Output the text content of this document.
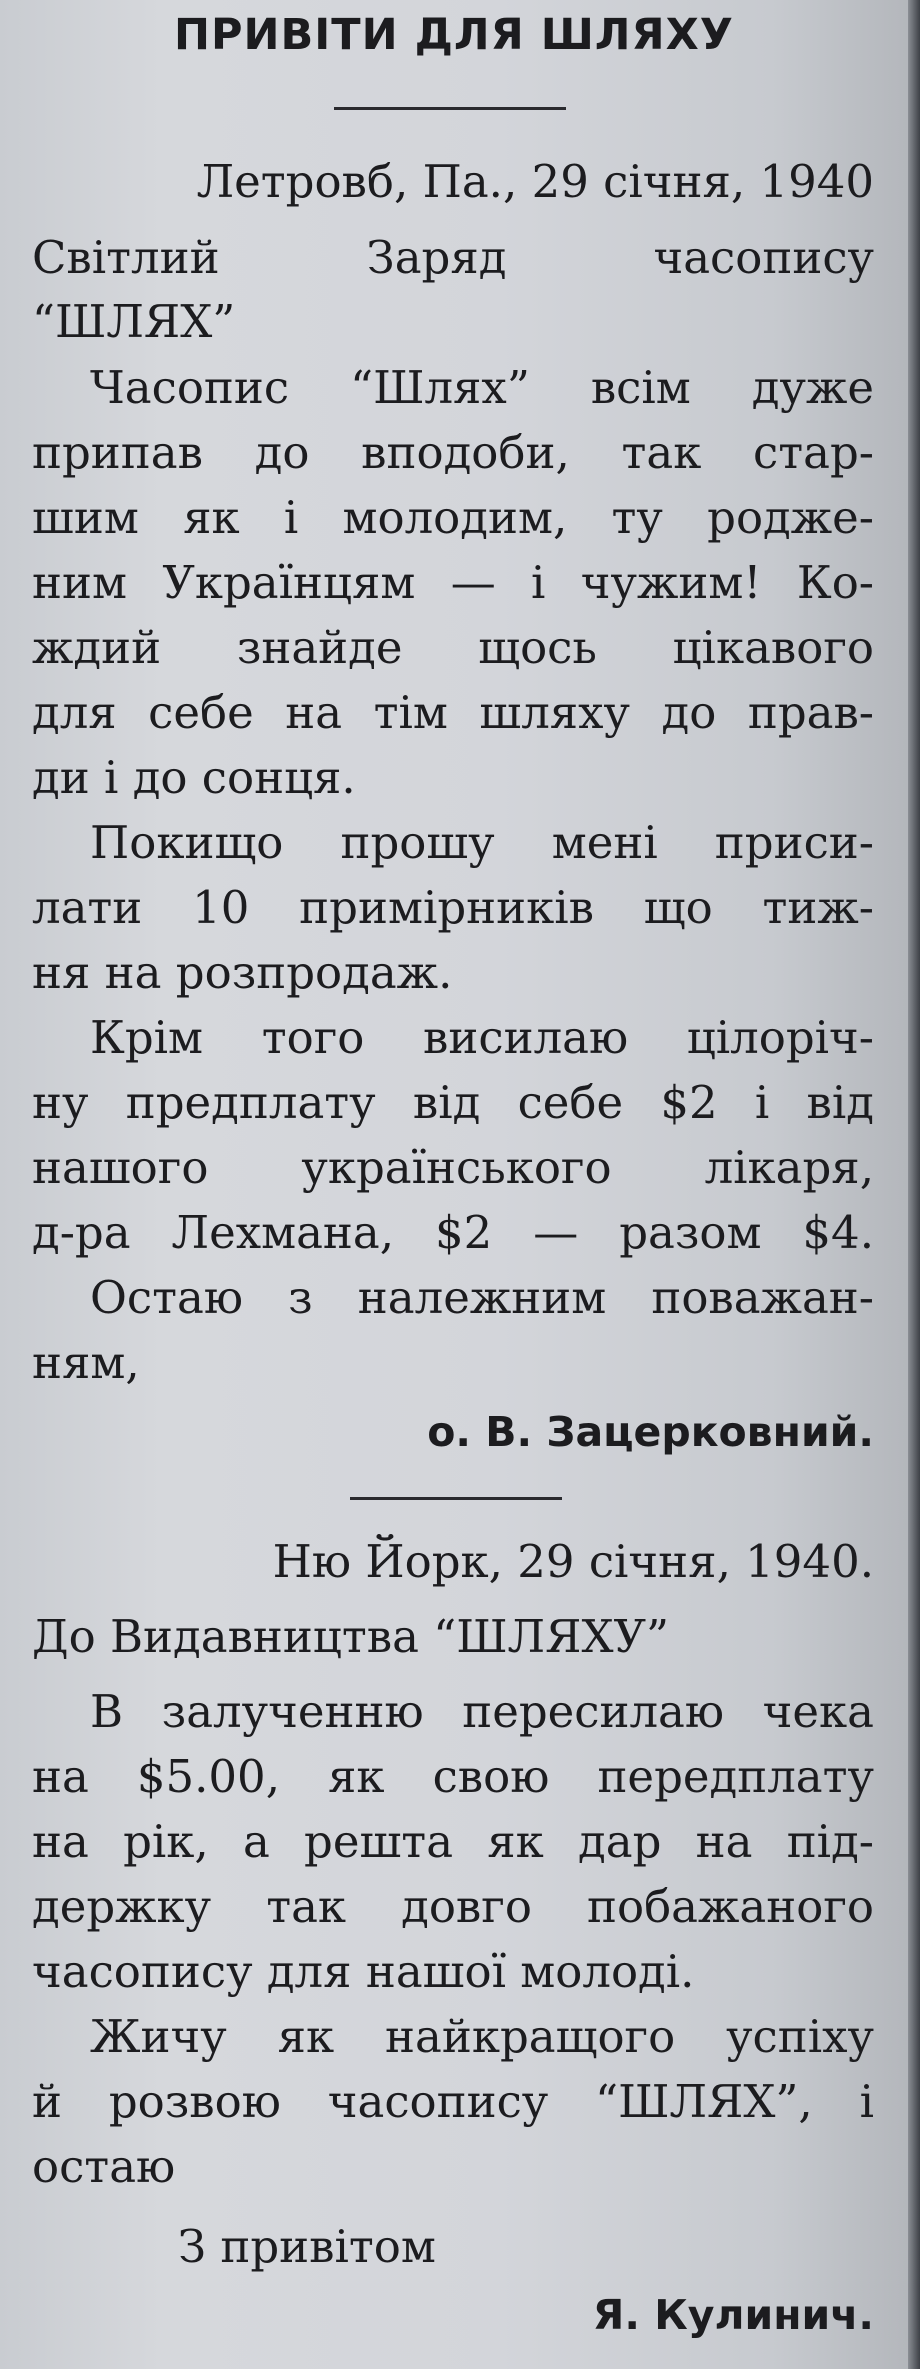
ПРИВІТИ ДЛЯ ШЛЯХУ

Летровб, Па., 29 січня, 1940

Світлий Заряд часопису

“ШЛЯХ”

Часопис “Шлях” всім дуже

припав до вподоби, так стар-

шим як і молодим, ту родже-

ним Українцям — і чужим! Ко-

ждий знайде щось цікавого

для себе на тім шляху до прав-

ди і до сонця.

Покищо прошу мені приси-

лати 10 примірників що тиж-

ня на розпродаж.

Крім того висилаю цілоріч-

ну предплату від себе $2 і від

нашого українського лікаря,

д-ра Лехмана, $2 — разом $4.

Остаю з належним поважан-

ням,

о. В. Зацерковний.

Ню Йорк, 29 січня, 1940.

До Видавництва “ШЛЯХУ”

В залученню пересилаю чека

на $5.00, як свою передплату

на рік, а решта як дар на під-

держку так довго побажаного

часопису для нашої молоді.

Жичу як найкращого успіху

й розвою часопису “ШЛЯХ”, і

остаю

З привітом

Я. Кулинич.
